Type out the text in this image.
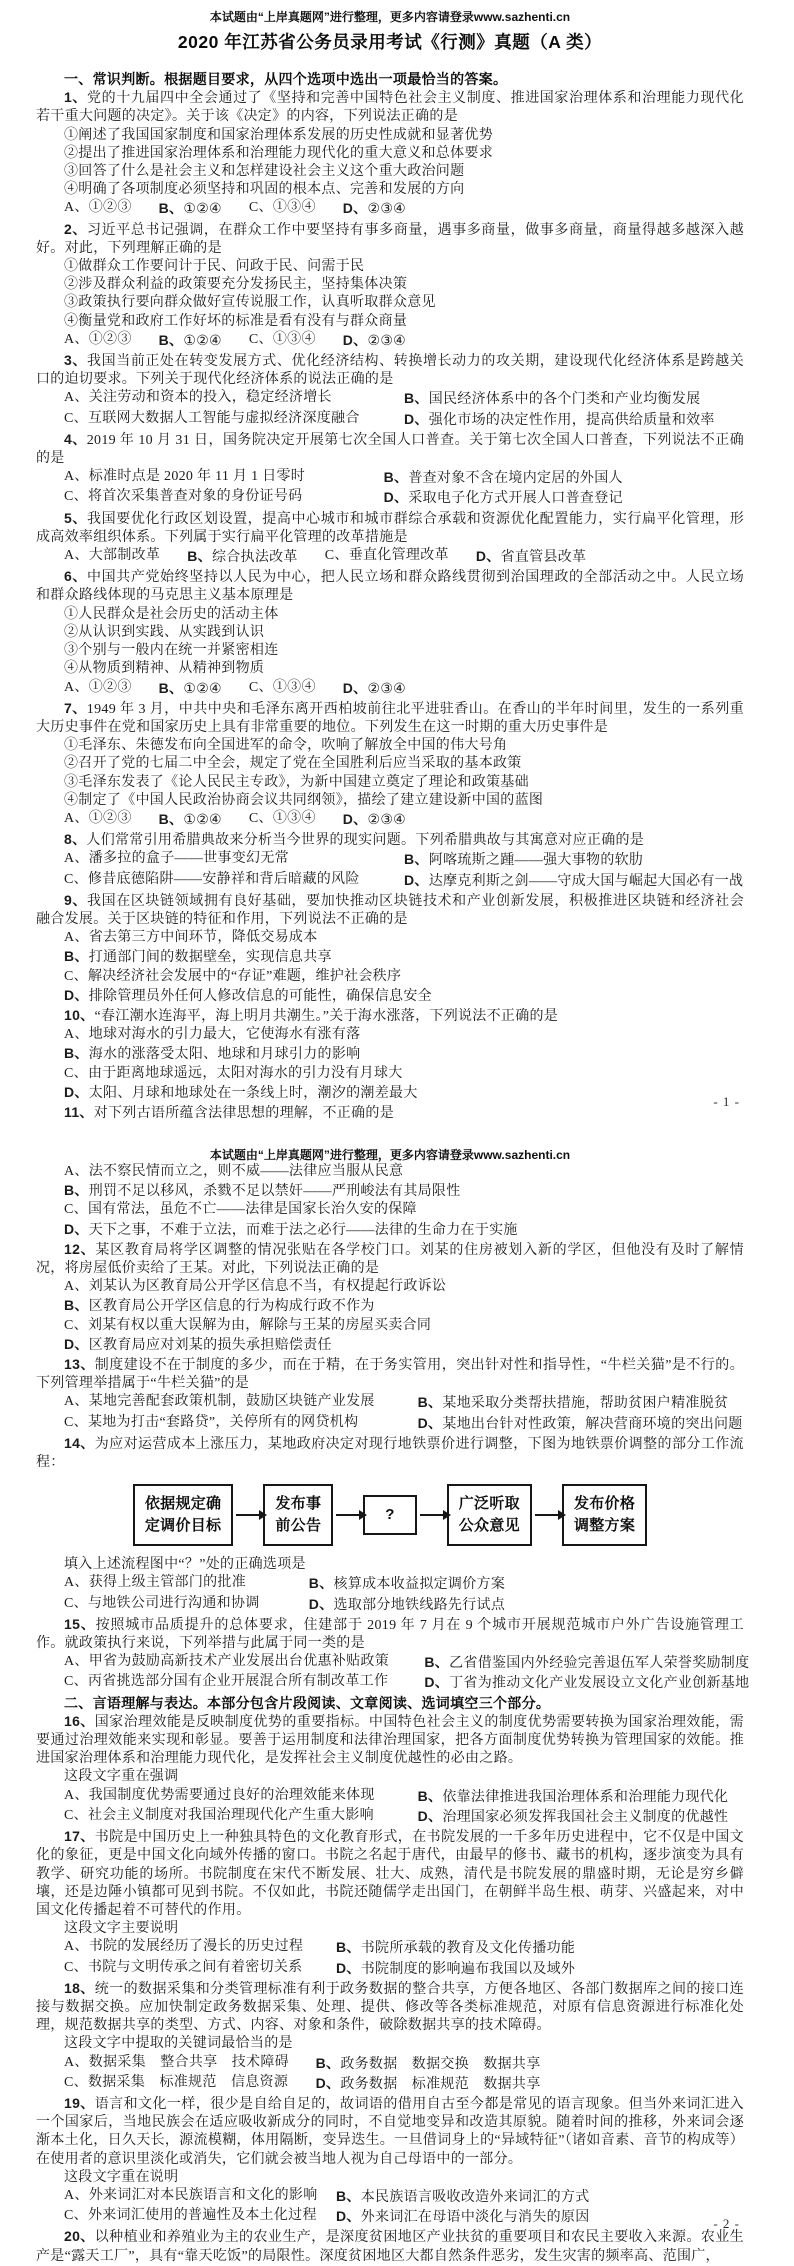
本试题由“上岸真题网”进行整理，更多内容请登录www.sazhenti.cn
2020 年江苏省公务员录用考试《行测》真题（A 类）
一、常识判断。根据题目要求，从四个选项中选出一项最恰当的答案。
1、党的十九届四中全会通过了《坚持和完善中国特色社会主义制度、推进国家治理体系和治理能力现代化若干重大问题的决定》。关于该《决定》的内容，下列说法正确的是
①阐述了我国国家制度和国家治理体系发展的历史性成就和显著优势
②提出了推进国家治理体系和治理能力现代化的重大意义和总体要求
③回答了什么是社会主义和怎样建设社会主义这个重大政治问题
④明确了各项制度必须坚持和巩固的根本点、完善和发展的方向
A、①②③ B、①②④ C、①③④ D、②③④
2、习近平总书记强调，在群众工作中要坚持有事多商量，遇事多商量，做事多商量，商量得越多越深入越好。对此，下列理解正确的是
①做群众工作要问计于民、问政于民、问需于民
②涉及群众利益的政策要充分发扬民主，坚持集体决策
③政策执行要向群众做好宣传说服工作，认真听取群众意见
④衡量党和政府工作好坏的标准是看有没有与群众商量
A、①②③ B、①②④ C、①③④ D、②③④
3、我国当前正处在转变发展方式、优化经济结构、转换增长动力的攻关期，建设现代化经济体系是跨越关口的迫切要求。下列关于现代化经济体系的说法正确的是
A、关注劳动和资本的投入，稳定经济增长	B、国民经济体系中的各个门类和产业均衡发展
C、互联网大数据人工智能与虚拟经济深度融合	D、强化市场的决定性作用，提高供给质量和效率
4、2019 年 10 月 31 日，国务院决定开展第七次全国人口普查。关于第七次全国人口普查，下列说法不正确的是
A、标准时点是 2020 年 11 月 1 日零时	B、普查对象不含在境内定居的外国人
C、将首次采集普查对象的身份证号码	D、采取电子化方式开展人口普查登记
5、我国要优化行政区划设置，提高中心城市和城市群综合承载和资源优化配置能力，实行扁平化管理，形成高效率组织体系。下列属于实行扁平化管理的改革措施是
A、大部制改革 B、综合执法改革 C、垂直化管理改革 D、省直管县改革
6、中国共产党始终坚持以人民为中心，把人民立场和群众路线贯彻到治国理政的全部活动之中。人民立场和群众路线体现的马克思主义基本原理是
①人民群众是社会历史的活动主体
②从认识到实践、从实践到认识
③个别与一般内在统一并紧密相连
④从物质到精神、从精神到物质
A、①②③ B、①②④ C、①③④ D、②③④
7、1949 年 3 月，中共中央和毛泽东离开西柏坡前往北平进驻香山。在香山的半年时间里，发生的一系列重大历史事件在党和国家历史上具有非常重要的地位。下列发生在这一时期的重大历史事件是
①毛泽东、朱德发布向全国进军的命令，吹响了解放全中国的伟大号角
②召开了党的七届二中全会，规定了党在全国胜利后应当采取的基本政策
③毛泽东发表了《论人民民主专政》，为新中国建立奠定了理论和政策基础
④制定了《中国人民政治协商会议共同纲领》，描绘了建立建设新中国的蓝图
A、①②③ B、①②④ C、①③④ D、②③④
8、人们常常引用希腊典故来分析当今世界的现实问题。下列希腊典故与其寓意对应正确的是
A、潘多拉的盒子——世事变幻无常	B、阿喀琉斯之踵——强大事物的软肋
C、修昔底德陷阱——安静祥和背后暗藏的风险	D、达摩克利斯之剑——守成大国与崛起大国必有一战
9、我国在区块链领域拥有良好基础，要加快推动区块链技术和产业创新发展，积极推进区块链和经济社会融合发展。关于区块链的特征和作用，下列说法不正确的是
A、省去第三方中间环节，降低交易成本
B、打通部门间的数据壁垒，实现信息共享
C、解决经济社会发展中的“存证”难题，维护社会秩序
D、排除管理员外任何人修改信息的可能性，确保信息安全
10、“春江潮水连海平，海上明月共潮生。”关于海水涨落，下列说法不正确的是
A、地球对海水的引力最大，它使海水有涨有落
B、海水的涨落受太阳、地球和月球引力的影响
C、由于距离地球遥远，太阳对海水的引力没有月球大
D、太阳、月球和地球处在一条线上时，潮汐的潮差最大
11、对下列古语所蕴含法律思想的理解，不正确的是
本试题由“上岸真题网”进行整理，更多内容请登录www.sazhenti.cn
A、法不察民情而立之，则不威——法律应当服从民意
B、刑罚不足以移风，杀戮不足以禁奸——严刑峻法有其局限性
C、国有常法，虽危不亡——法律是国家长治久安的保障
D、天下之事，不难于立法，而难于法之必行——法律的生命力在于实施
12、某区教育局将学区调整的情况张贴在各学校门口。刘某的住房被划入新的学区，但他没有及时了解情况，将房屋低价卖给了王某。对此，下列说法正确的是
A、刘某认为区教育局公开学区信息不当，有权提起行政诉讼
B、区教育局公开学区信息的行为构成行政不作为
C、刘某有权以重大误解为由，解除与王某的房屋买卖合同
D、区教育局应对刘某的损失承担赔偿责任
13、制度建设不在于制度的多少，而在于精，在于务实管用，突出针对性和指导性，“牛栏关猫”是不行的。下列管理举措属于“牛栏关猫”的是
A、某地完善配套政策机制，鼓励区块链产业发展	B、某地采取分类帮扶措施，帮助贫困户精准脱贫
C、某地为打击“套路贷”，关停所有的网贷机构	D、某地出台针对性政策，解决营商环境的突出问题
14、为应对运营成本上涨压力，某地政府决定对现行地铁票价进行调整，下图为地铁票价调整的部分工作流程：
依据规定确
定调价目标
发布事
前公告
?
广泛听取
公众意见
发布价格
调整方案
填入上述流程图中“？”处的正确选项是
A、获得上级主管部门的批准	B、核算成本收益拟定调价方案
C、与地铁公司进行沟通和协调	D、选取部分地铁线路先行试点
15、按照城市品质提升的总体要求，住建部于 2019 年 7 月在 9 个城市开展规范城市户外广告设施管理工作。就政策执行来说，下列举措与此属于同一类的是
A、甲省为鼓励高新技术产业发展出台优惠补贴政策	B、乙省借鉴国内外经验完善退伍军人荣誉奖励制度
C、丙省挑选部分国有企业开展混合所有制改革工作	D、丁省为推动文化产业发展设立文化产业创新基地
二、言语理解与表达。本部分包含片段阅读、文章阅读、选词填空三个部分。
16、国家治理效能是反映制度优势的重要指标。中国特色社会主义的制度优势需要转换为国家治理效能，需要通过治理效能来实现和彰显。要善于运用制度和法律治理国家，把各方面制度优势转换为管理国家的效能。推进国家治理体系和治理能力现代化，是发挥社会主义制度优越性的必由之路。
这段文字重在强调
A、我国制度优势需要通过良好的治理效能来体现	B、依靠法律推进我国治理体系和治理能力现代化
C、社会主义制度对我国治理现代化产生重大影响	D、治理国家必须发挥我国社会主义制度的优越性
17、书院是中国历史上一种独具特色的文化教育形式，在书院发展的一千多年历史进程中，它不仅是中国文化的象征，更是中国文化向域外传播的窗口。书院之名起于唐代，由最早的修书、藏书的机构，逐步演变为具有教学、研究功能的场所。书院制度在宋代不断发展、壮大、成熟，清代是书院发展的鼎盛时期，无论是穷乡僻壤，还是边陲小镇都可见到书院。不仅如此，书院还随儒学走出国门，在朝鲜半岛生根、萌芽、兴盛起来，对中国文化传播起着不可替代的作用。
这段文字主要说明
A、书院的发展经历了漫长的历史过程	B、书院所承载的教育及文化传播功能
C、书院与文明传承之间有着密切关系	D、书院制度的影响遍布我国以及域外
18、统一的数据采集和分类管理标准有利于政务数据的整合共享，方便各地区、各部门数据库之间的接口连接与数据交换。应加快制定政务数据采集、处理、提供、修改等各类标准规范，对原有信息资源进行标准化处理，规范数据共享的类型、方式、内容、对象和条件，破除数据共享的技术障碍。
这段文字中提取的关键词最恰当的是
A、数据采集　整合共享　技术障碍	B、政务数据　数据交换　数据共享
C、数据采集　标准规范　信息资源	D、政务数据　标准规范　数据共享
19、语言和文化一样，很少是自给自足的，故词语的借用自古至今都是常见的语言现象。但当外来词汇进入一个国家后，当地民族会在适应吸收新成分的同时，不自觉地变异和改造其原貌。随着时间的推移，外来词会逐渐本土化，日久天长，源流模糊，体用隔断，变异迭生。一旦借词身上的“异域特征”（诸如音素、音节的构成等）在使用者的意识里淡化或消失，它们就会被当地人视为自己母语中的一部分。
这段文字重在说明
A、外来词汇对本民族语言和文化的影响	B、本民族语言吸收改造外来词汇的方式
C、外来词汇使用的普遍性及本土化过程	D、外来词汇在母语中淡化与消失的原因
20、以种植业和养殖业为主的农业生产，是深度贫困地区产业扶贫的重要项目和农民主要收入来源。农业生产是“露天工厂”，具有“靠天吃饭”的局限性。深度贫困地区大都自然条件恶劣，发生灾害的频率高、范围广，
- 1 -
- 2 -
